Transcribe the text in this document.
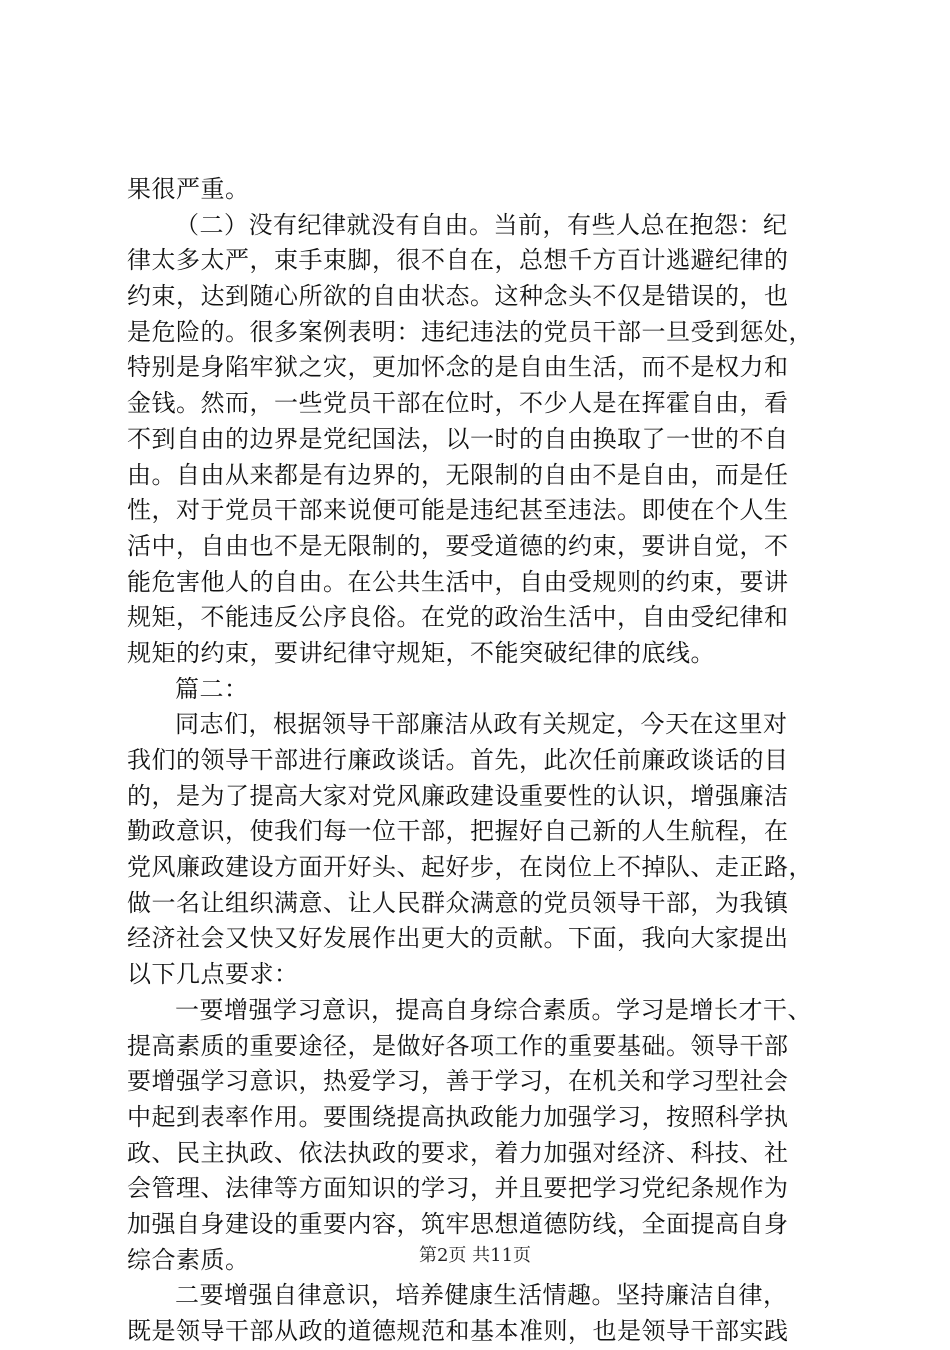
果很严重。
（二）没有纪律就没有自由。当前，有些人总在抱怨：纪
律太多太严，束手束脚，很不自在，总想千方百计逃避纪律的
约束，达到随心所欲的自由状态。这种念头不仅是错误的，也
是危险的。很多案例表明：违纪违法的党员干部一旦受到惩处，
特别是身陷牢狱之灾，更加怀念的是自由生活，而不是权力和
金钱。然而，一些党员干部在位时，不少人是在挥霍自由，看
不到自由的边界是党纪国法，以一时的自由换取了一世的不自
由。自由从来都是有边界的，无限制的自由不是自由，而是任
性，对于党员干部来说便可能是违纪甚至违法。即使在个人生
活中，自由也不是无限制的，要受道德的约束，要讲自觉，不
能危害他人的自由。在公共生活中，自由受规则的约束，要讲
规矩，不能违反公序良俗。在党的政治生活中，自由受纪律和
规矩的约束，要讲纪律守规矩，不能突破纪律的底线。
篇二：
同志们，根据领导干部廉洁从政有关规定，今天在这里对
我们的领导干部进行廉政谈话。首先，此次任前廉政谈话的目
的，是为了提高大家对党风廉政建设重要性的认识，增强廉洁
勤政意识，使我们每一位干部，把握好自己新的人生航程，在
党风廉政建设方面开好头、起好步，在岗位上不掉队、走正路，
做一名让组织满意、让人民群众满意的党员领导干部，为我镇
经济社会又快又好发展作出更大的贡献。下面，我向大家提出
以下几点要求：
一要增强学习意识，提高自身综合素质。学习是增长才干、
提高素质的重要途径，是做好各项工作的重要基础。领导干部
要增强学习意识，热爱学习，善于学习，在机关和学习型社会
中起到表率作用。要围绕提高执政能力加强学习，按照科学执
政、民主执政、依法执政的要求，着力加强对经济、科技、社
会管理、法律等方面知识的学习，并且要把学习党纪条规作为
加强自身建设的重要内容，筑牢思想道德防线，全面提高自身
综合素质。
二要增强自律意识，培养健康生活情趣。坚持廉洁自律，
既是领导干部从政的道德规范和基本准则，也是领导干部实践
第2页 共11页
